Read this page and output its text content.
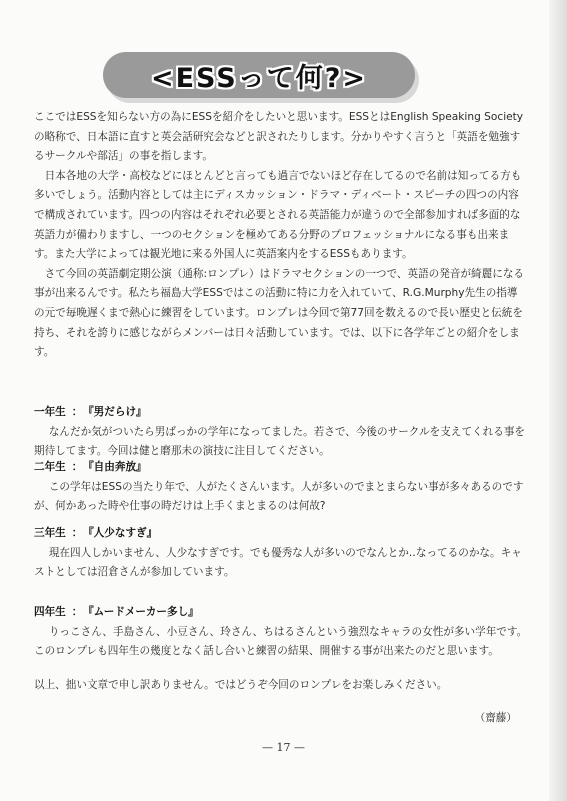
<ESSって何?>

ここではESSを知らない方の為にESSを紹介をしたいと思います。ESSとはEnglish Speaking Societyの略称で、日本語に直すと英会話研究会などと訳されたりします。分かりやすく言うと「英語を勉強するサークルや部活」の事を指します。

日本各地の大学・高校などにほとんどと言っても過言でないほど存在してるので名前は知ってる方も多いでしょう。活動内容としては主にディスカッション・ドラマ・ディベート・スピーチの四つの内容で構成されています。四つの内容はそれぞれ必要とされる英語能力が違うので全部参加すれば多面的な英語力が備わりますし、一つのセクションを極めてある分野のプロフェッショナルになる事も出来ます。また大学によっては観光地に来る外国人に英語案内をするESSもあります。

さて今回の英語劇定期公演（通称:ロンプレ）はドラマセクションの一つで、英語の発音が綺麗になる事が出来るんです。私たち福島大学ESSではこの活動に特に力を入れていて、R.G.Murphy先生の指導の元で毎晩遅くまで熱心に練習をしています。ロンプレは今回で第77回を数えるので長い歴史と伝統を持ち、それを誇りに感じながらメンバーは日々活動しています。では、以下に各学年ごとの紹介をします。

一年生 ： 『男だらけ』

なんだか気がついたら男ばっかの学年になってました。若さで、今後のサークルを支えてくれる事を期待してます。今回は健と磨那未の演技に注目してください。

二年生 ： 『自由奔放』

この学年はESSの当たり年で、人がたくさんいます。人が多いのでまとまらない事が多々あるのですが、何かあった時や仕事の時だけは上手くまとまるのは何故?

三年生 ： 『人少なすぎ』

現在四人しかいません、人少なすぎです。でも優秀な人が多いのでなんとか‥なってるのかな。キャストとしては沼倉さんが参加しています。

四年生 ： 『ムードメーカー多し』

りっこさん、手島さん、小豆さん、玲さん、ちはるさんという強烈なキャラの女性が多い学年です。このロンプレも四年生の幾度となく話し合いと練習の結果、開催する事が出来たのだと思います。

以上、拙い文章で申し訳ありません。ではどうぞ今回のロンプレをお楽しみください。
（齋藤）
— 17 —
